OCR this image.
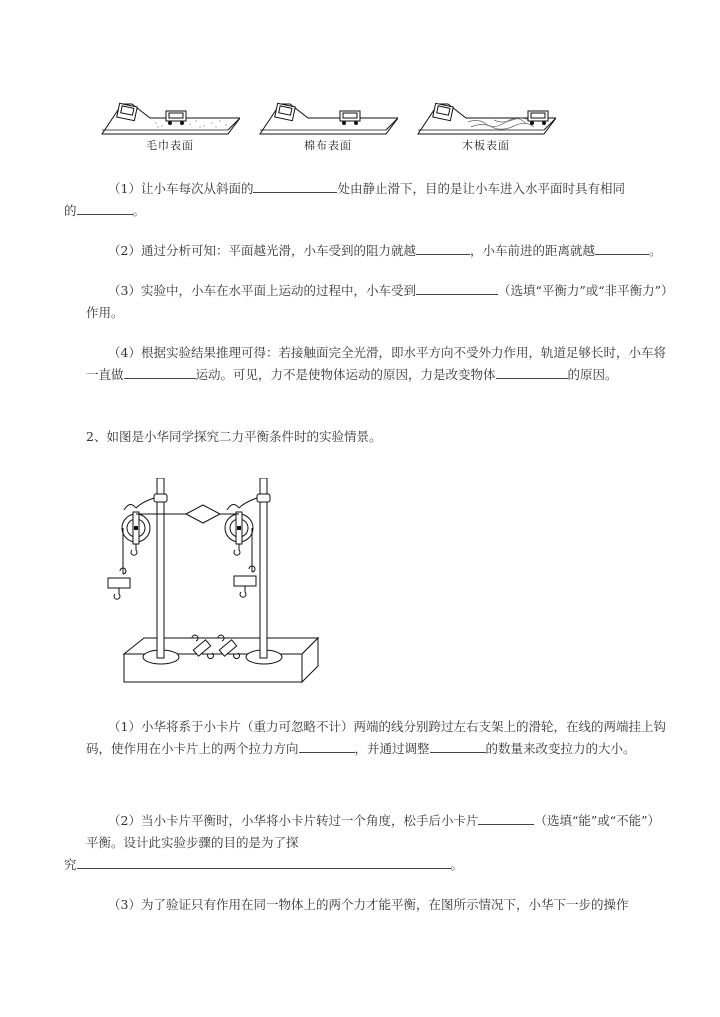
毛巾表面	棉布表面	木板表面
（1）让小车每次从斜面的	处由静止滑下，目的是让小车进入水平面时具有相同
的	。
（2）通过分析可知：平面越光滑，小车受到的阻力就越	，小车前进的距离就越	。
（3）实验中，小车在水平面上运动的过程中，小车受到	（选填“平衡力”或“非平衡力”）作用。
（4）根据实验结果推理可得：若接触面完全光滑，即水平方向不受外力作用，轨道足够长时，小车将一直做	运动。可见，力不是使物体运动的原因，力是改变物体	的原因。
2、如图是小华同学探究二力平衡条件时的实验情景。
（1）小华将系于小卡片（重力可忽略不计）两端的线分别跨过左右支架上的滑轮，在线的两端挂上钩码，使作用在小卡片上的两个拉力方向	，并通过调整	的数量来改变拉力的大小。
（2）当小卡片平衡时，小华将小卡片转过一个角度，松手后小卡片	（选填“能”或“不能”）平衡。设计此实验步骤的目的是为了探
究	。
（3）为了验证只有作用在同一物体上的两个力才能平衡，在图所示情况下，小华下一步的操作
